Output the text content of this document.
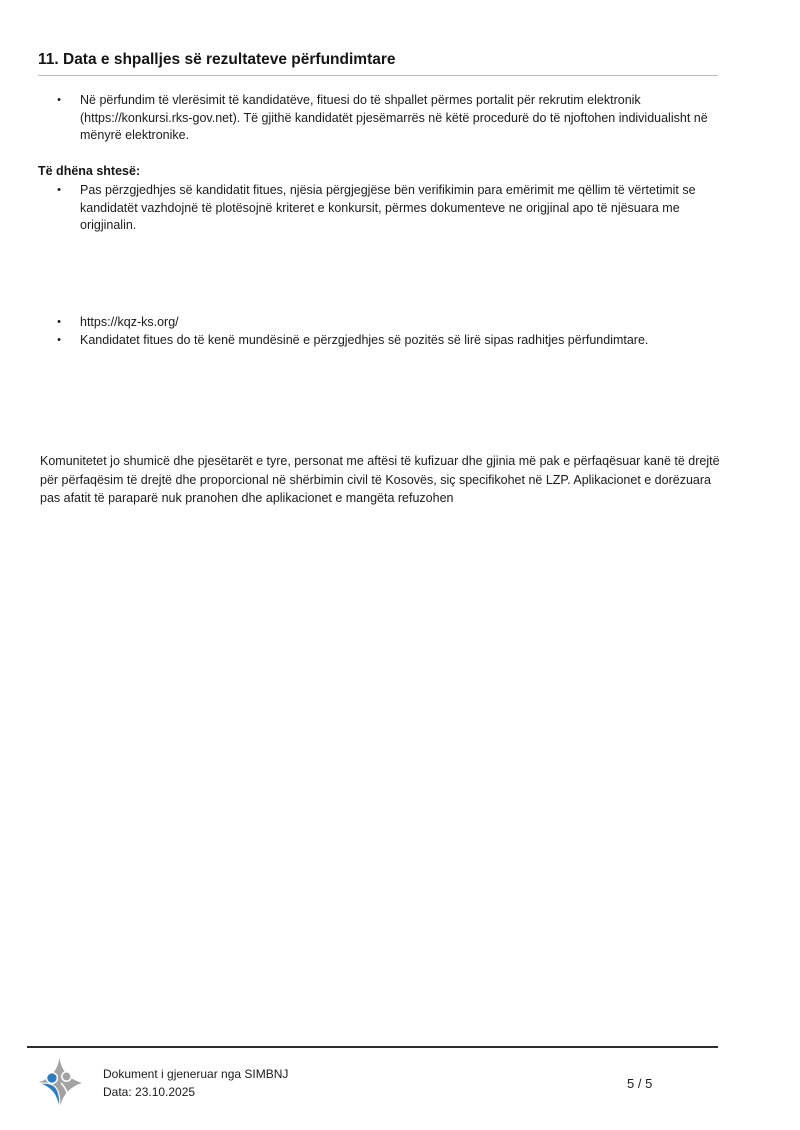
11. Data e shpalljes së rezultateve përfundimtare
•	Në përfundim të vlerësimit të kandidatëve, fituesi do të shpallet përmes portalit për rekrutim elektronik (https://konkursi.rks-gov.net). Të gjithë kandidatët pjesëmarrës në këtë procedurë do të njoftohen individualisht në mënyrë elektronike.
Të dhëna shtesë:
•	Pas përzgjedhjes së kandidatit fitues, njësia përgjegjëse bën verifikimin para emërimit me qëllim të vërtetimit se kandidatët vazhdojnë të plotësojnë kriteret e konkursit, përmes dokumenteve ne origjinal apo të njësuara me origjinalin.
•	https://kqz-ks.org/
•	Kandidatet fitues do të kenë mundësinë e përzgjedhjes së pozitës së lirë sipas radhitjes përfundimtare.

Komunitetet jo shumicë dhe pjesëtarët e tyre, personat me aftësi të kufizuar dhe gjinia më pak e përfaqësuar kanë të drejtë për përfaqësim të drejtë dhe proporcional në shërbimin civil të Kosovës, siç specifikohet në LZP. Aplikacionet e dorëzuara pas afatit të paraparë nuk pranohen dhe aplikacionet e mangëta refuzohen

Dokument i gjeneruar nga SIMBNJ
Data: 23.10.2025
5 / 5
